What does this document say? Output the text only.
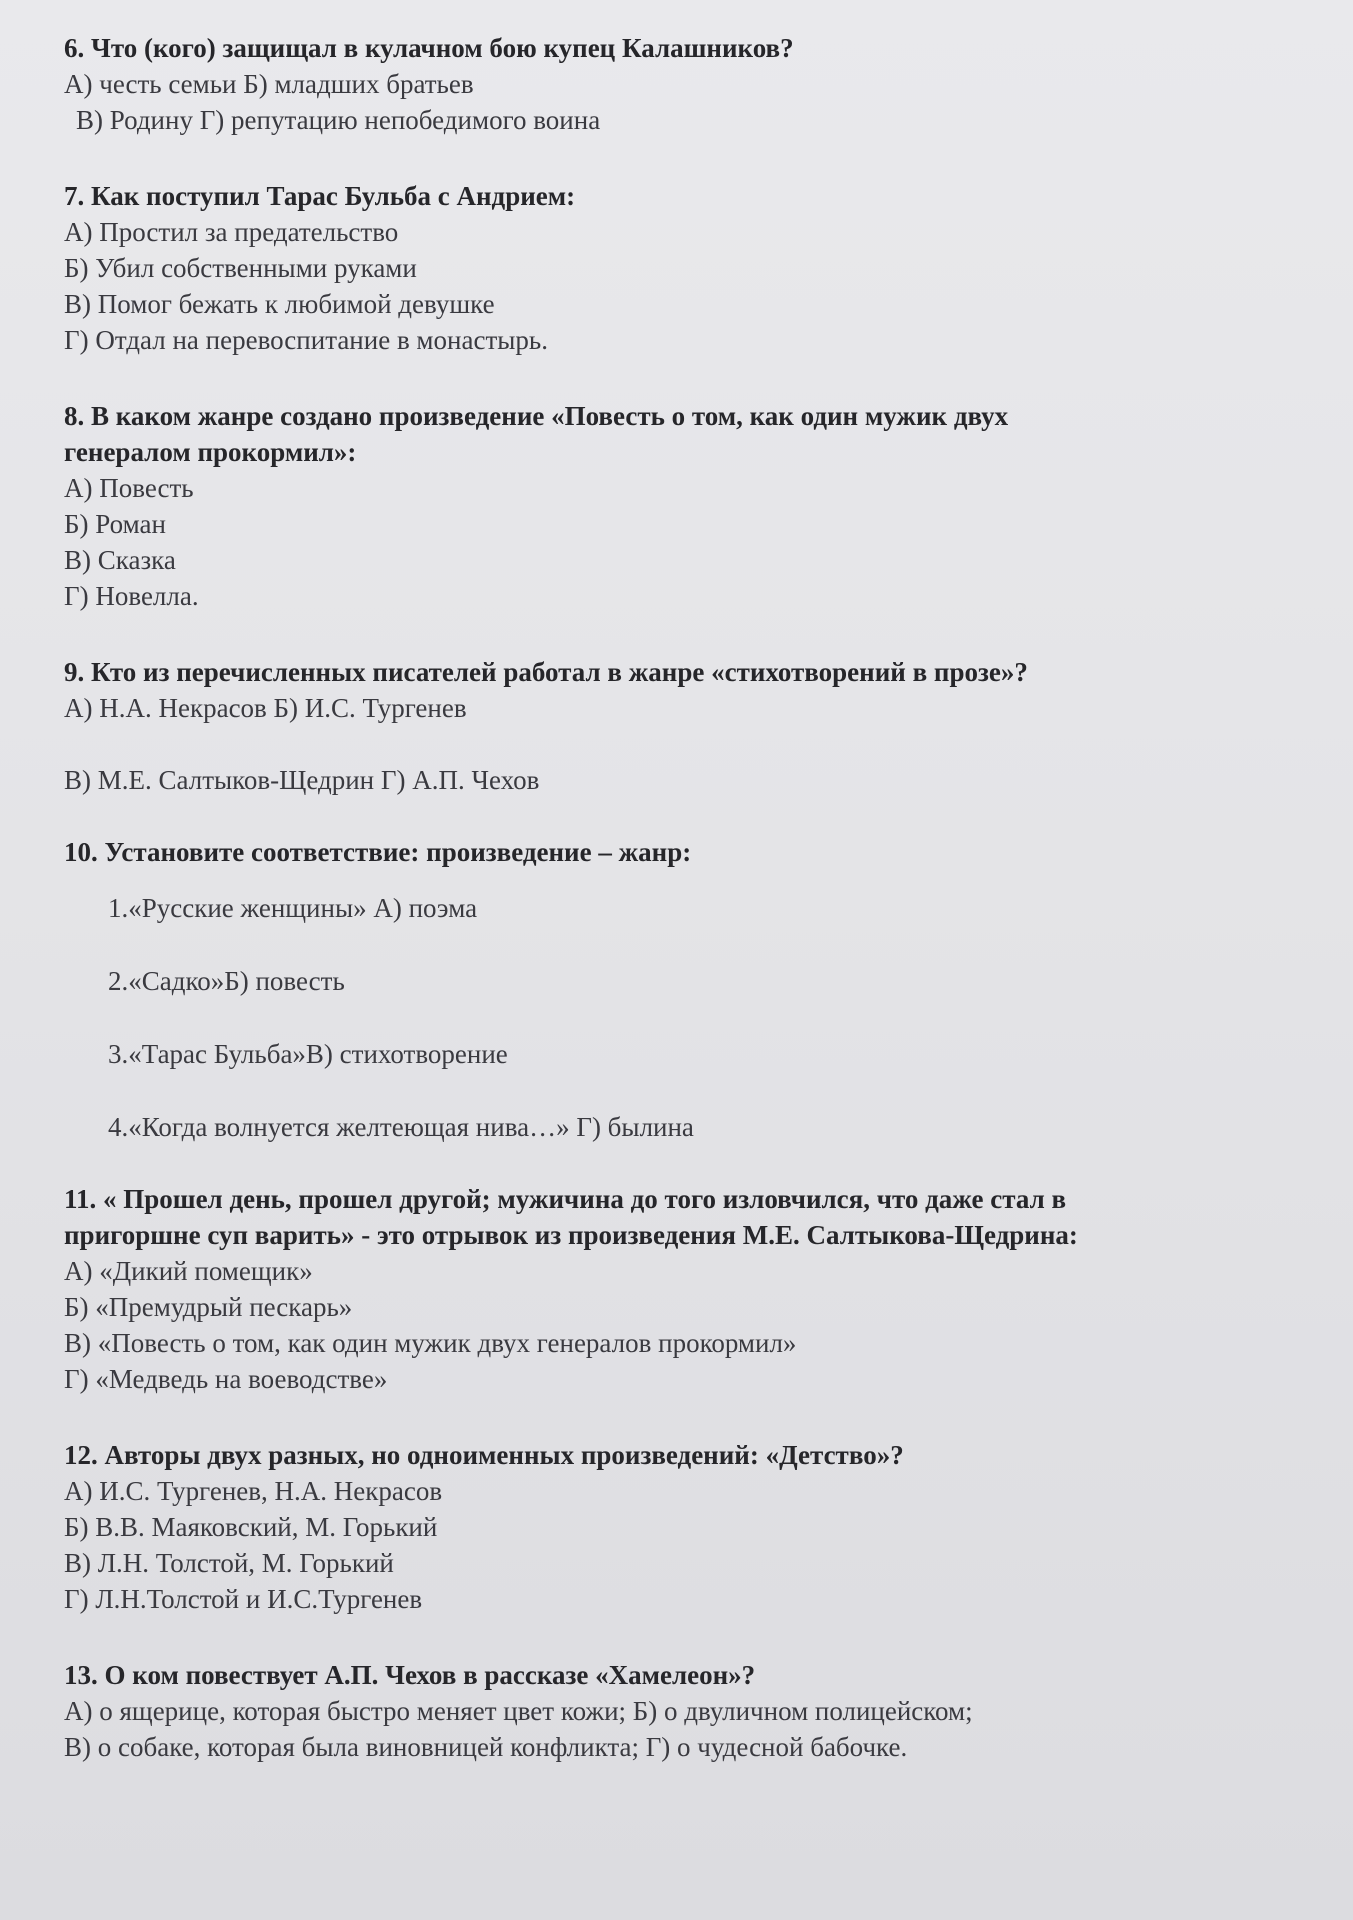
6. Что (кого) защищал в кулачном бою купец Калашников?

А) честь семьи Б) младших братьев

В) Родину Г) репутацию непобедимого воина

7. Как поступил Тарас Бульба с Андрием:

А) Простил за предательство

Б) Убил собственными руками

В) Помог бежать к любимой девушке

Г) Отдал на перевоспитание в монастырь.

8. В каком жанре создано произведение «Повесть о том, как один мужик двух

генералом прокормил»:

А) Повесть

Б) Роман

В) Сказка

Г) Новелла.

9. Кто из перечисленных писателей работал в жанре «стихотворений в прозе»?

А) Н.А. Некрасов Б) И.С. Тургенев

В) М.Е. Салтыков-Щедрин Г) А.П. Чехов

10. Установите соответствие: произведение – жанр:

1.«Русские женщины» А) поэма

2.«Садко»Б) повесть

3.«Тарас Бульба»В) стихотворение

4.«Когда волнуется желтеющая нива…» Г) былина

11. « Прошел день, прошел другой; мужичина до того изловчился, что даже стал в

пригоршне суп варить» - это отрывок из произведения М.Е. Салтыкова-Щедрина:

А) «Дикий помещик»

Б) «Премудрый пескарь»

В) «Повесть о том, как один мужик двух генералов прокормил»

Г) «Медведь на воеводстве»

12. Авторы двух разных, но одноименных произведений: «Детство»?

А) И.С. Тургенев, Н.А. Некрасов

Б) В.В. Маяковский, М. Горький

В) Л.Н. Толстой, М. Горький

Г) Л.Н.Толстой и И.С.Тургенев

13. О ком повествует А.П. Чехов в рассказе «Хамелеон»?

А) о ящерице, которая быстро меняет цвет кожи; Б) о двуличном полицейском;

В) о собаке, которая была виновницей конфликта; Г) о чудесной бабочке.
